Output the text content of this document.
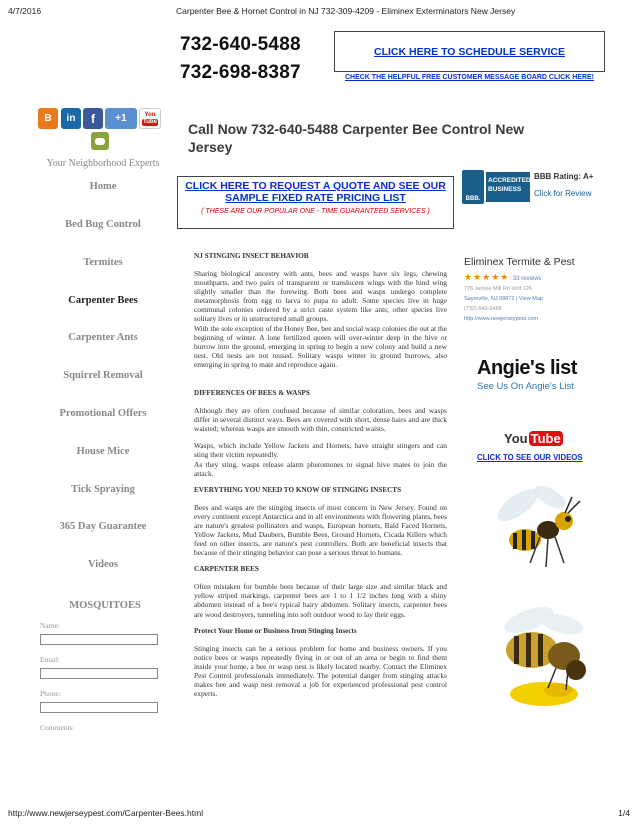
4/7/2016	Carpenter Bee & Hornet Control in NJ 732-309-4209 - Eliminex Exterminators New Jersey
732-640-5488
732-698-8387
CLICK HERE TO SCHEDULE SERVICE
CHECK THE HELPFUL FREE CUSTOMER MESSAGE BOARD CLICK HERE!
B	in f +1	You
Tube Call Now 732-640-5488 Carpenter Bee Control New Jersey
Your Neighborhood Experts
Home
Bed Bug Control
Termites
Carpenter Bees
Carpenter Ants
Squirrel Removal
Promotional Offers
House Mice
Tick Spraying
365 Day Guarantee
Videos
MOSQUITOES
Name:
Email:
Phone:
Comments:
CLICK HERE TO REQUEST A QUOTE AND SEE OUR SAMPLE FIXED RATE PRICING LIST
( THESE ARE OUR POPULAR ONE - TIME GUARANTEED SERVICES )
NJ STINGING INSECT BEHAVIOR

Sharing biological ancestry with ants, bees and wasps have six legs, chewing mouthparts, and two pairs of transparent or translucent wings with the hind wing slightly smaller than the forewing. Both bees and wasps undergo complete metamorphosis from egg to larva to pupa to adult. Some species live in huge communal colonies ordered by a strict caste system like ants; other species live solitary lives or in unstructured small groups.

With the sole exception of the Honey Bee, bee and social wasp colonies die out at the beginning of winter. A lone fertilized queen will over-winter deep in the hive or burrow into the ground, emerging in spring to begin a new colony and build a new nest. Old nests are not reused. Solitary wasps winter in ground burrows, also emerging in spring to mate and reproduce again.

DIFFERENCES OF BEES & WASPS

Although they are often confused because of similar coloration, bees and wasps differ in several distinct ways. Bees are covered with short, dense hairs and are thick waisted; whereas wasps are smooth with thin, constricted waists.

Wasps, which include Yellow Jackets and Hornets, have straight stingers and can sting their victim repeatedly.

As they sting, wasps release alarm pheromones to signal hive mates to join the attack.

EVERYTHING YOU NEED TO KNOW OF STINGING INSECTS

Bees and wasps are the stinging insects of most concern in New Jersey. Found on every continent except Antarctica and in all environments with flowering plants, bees are nature's greatest pollinators and wasps, European hornets, Bald Faced Hornets, Yellow Jackets, Mud Daubers, Bumble Bees, Ground Hornets, Cicada Killers which feed on other insects, are nature's pest controllers. Both are beneficial insects that because of their stinging behavior can pose a serious threat to humans.

CARPENTER BEES

Often mistaken for bumble bees because of their large size and similar black and yellow striped markings, carpenter bees are 1 to 1 1/2 inches long with a shiny abdomen instead of a bee's typical hairy abdomen. Solitary insects, carpenter bees are wood destroyers, tunneling into soft outdoor wood to lay their eggs.

Protect Your Home or Business from Stinging Insects

Stinging insects can be a serious problem for home and business owners. If you notice bees or wasps repeatedly flying in or out of an area or begin to find them inside your home, a bee or wasp nest is likely located nearby. Contact the Eliminex Pest Control professionals immediately. The potential danger from stinging attacks makes bee and wasp nest removal a job for experienced professional pest control experts.

BBB.
ACCREDITED BUSINESS
BBB Rating: A+
Click for Review
Eliminex Termite & Pest
★★★★★ 33 reviews
776 Jernee Mill Rd Unit 126
Sayreville, NJ 08872 | View Map
(732) 640-5488
http://www.newjerseypest.com
Angie's list
See Us On Angie's List
You Tube
CLICK TO SEE OUR VIDEOS
http://www.newjerseypest.com/Carpenter-Bees.html	1/4
